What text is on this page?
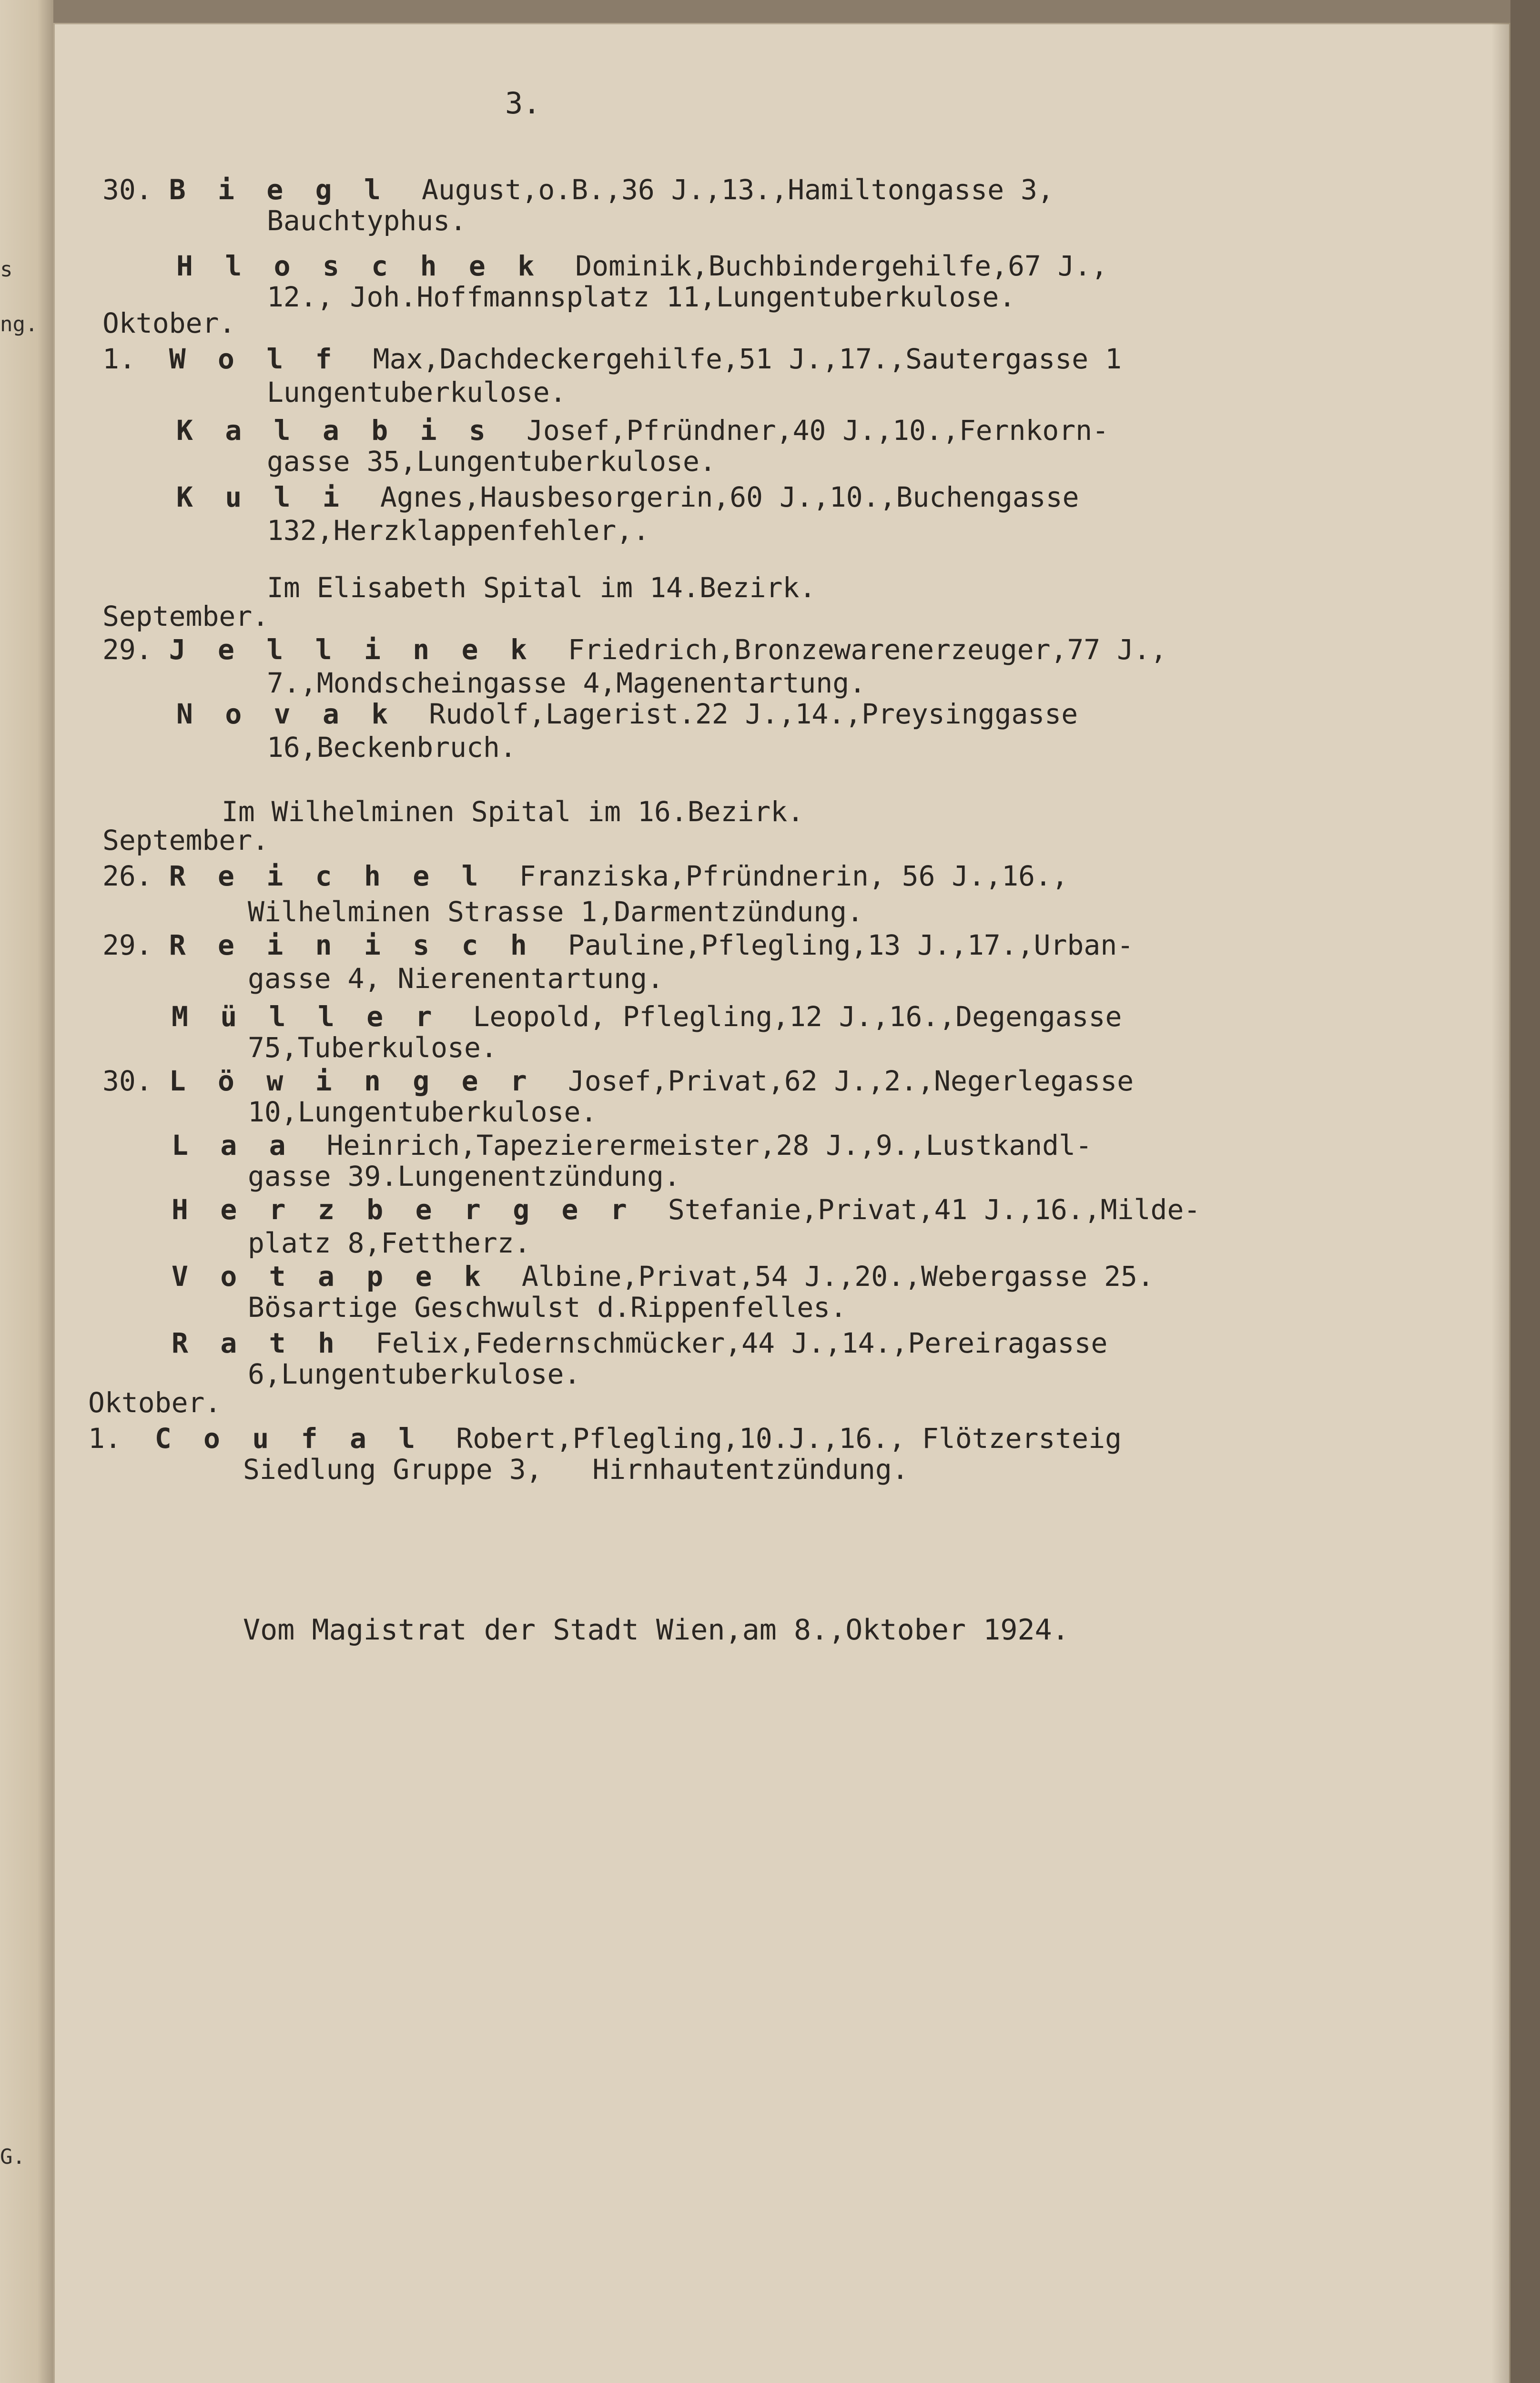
s
ng.
G.
3.
30. B i e g l August,o.B.,36 J.,13.,Hamiltongasse 3,
Bauchtyphus.
H l o s c h e k Dominik,Buchbindergehilfe,67 J.,
12., Joh.Hoffmannsplatz 11,Lungentuberkulose.
Oktober.
1. W o l f Max,Dachdeckergehilfe,51 J.,17.,Sautergasse 1
Lungentuberkulose.
K a l a b i s Josef,Pfründner,40 J.,10.,Fernkorn-
gasse 35,Lungentuberkulose.
K u l i Agnes,Hausbesorgerin,60 J.,10.,Buchengasse
132,Herzklappenfehler,.
Im Elisabeth Spital im 14.Bezirk.
September.
29. J e l l i n e k Friedrich,Bronzewarenerzeuger,77 J.,
7.,Mondscheingasse 4,Magenentartung.
N o v a k Rudolf,Lagerist.22 J.,14.,Preysinggasse
16,Beckenbruch.
Im Wilhelminen Spital im 16.Bezirk.
September.
26. R e i c h e l Franziska,Pfründnerin, 56 J.,16.,
Wilhelminen Strasse 1,Darmentzündung.
29. R e i n i s c h Pauline,Pflegling,13 J.,17.,Urban-
gasse 4, Nierenentartung.
M ü l l e r Leopold, Pflegling,12 J.,16.,Degengasse
75,Tuberkulose.
30. L ö w i n g e r Josef,Privat,62 J.,2.,Negerlegasse
10,Lungentuberkulose.
L a a Heinrich,Tapezierermeister,28 J.,9.,Lustkandl-
gasse 39.Lungenentzündung.
H e r z b e r g e r Stefanie,Privat,41 J.,16.,Milde-
platz 8,Fettherz.
V o t a p e k Albine,Privat,54 J.,20.,Webergasse 25.
Bösartige Geschwulst d.Rippenfelles.
R a t h Felix,Federnschmücker,44 J.,14.,Pereiragasse
6,Lungentuberkulose.
Oktober.
1. C o u f a l Robert,Pflegling,10.J.,16., Flötzersteig
Siedlung Gruppe 3,   Hirnhautentzündung.
Vom Magistrat der Stadt Wien,am 8.,Oktober 1924.
